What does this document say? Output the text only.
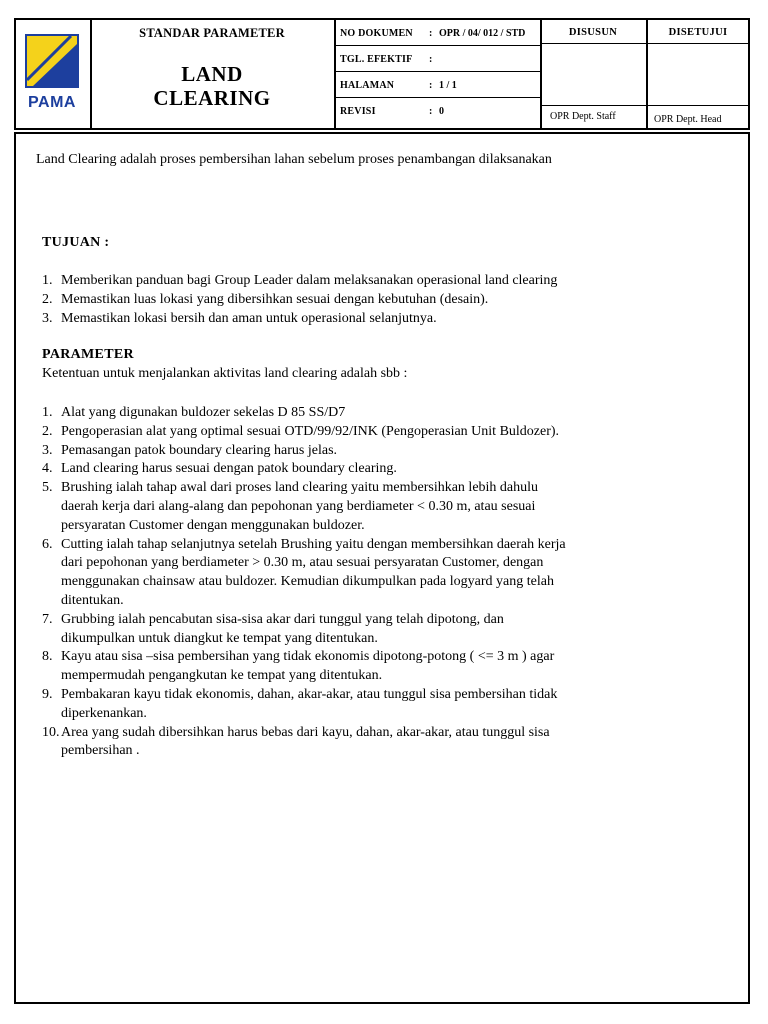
PAMA
STANDAR PARAMETER
LAND
CLEARING
NO DOKUMEN : OPR / 04/ 012 / STD
TGL. EFEKTIF :
HALAMAN	: 1 / 1
REVISI	: 0
DISUSUN
OPR Dept. Staff
DISETUJUI
OPR Dept. Head
Land Clearing adalah proses pembersihan lahan sebelum proses penambangan dilaksanakan
TUJUAN :
1. Memberikan panduan bagi Group Leader dalam melaksanakan operasional land clearing
2. Memastikan luas lokasi yang dibersihkan sesuai dengan kebutuhan (desain).
3. Memastikan lokasi bersih dan aman untuk operasional selanjutnya.
PARAMETER
Ketentuan untuk menjalankan aktivitas land clearing adalah sbb :
1. Alat yang digunakan buldozer sekelas D 85 SS/D7
2. Pengoperasian alat yang optimal sesuai OTD/99/92/INK (Pengoperasian Unit Buldozer).
3. Pemasangan patok boundary clearing harus jelas.
4. Land clearing harus sesuai dengan patok boundary clearing.
5. Brushing ialah tahap awal dari proses land clearing yaitu membersihkan lebih dahulu
daerah kerja dari alang-alang dan pepohonan yang berdiameter < 0.30 m, atau sesuai
persyaratan Customer dengan menggunakan buldozer.
6. Cutting ialah tahap selanjutnya setelah Brushing yaitu dengan membersihkan daerah kerja
dari pepohonan yang berdiameter > 0.30 m, atau sesuai persyaratan Customer, dengan
menggunakan chainsaw atau buldozer. Kemudian dikumpulkan pada logyard yang telah
ditentukan.
7. Grubbing ialah pencabutan sisa-sisa akar dari tunggul yang telah dipotong, dan
dikumpulkan untuk diangkut ke tempat yang ditentukan.
8. Kayu atau sisa –sisa pembersihan yang tidak ekonomis dipotong-potong ( <= 3 m ) agar
mempermudah pengangkutan ke tempat yang ditentukan.
9. Pembakaran kayu tidak ekonomis, dahan, akar-akar, atau tunggul sisa pembersihan tidak
diperkenankan.
10. Area yang sudah dibersihkan harus bebas dari kayu, dahan, akar-akar, atau tunggul sisa
pembersihan .
